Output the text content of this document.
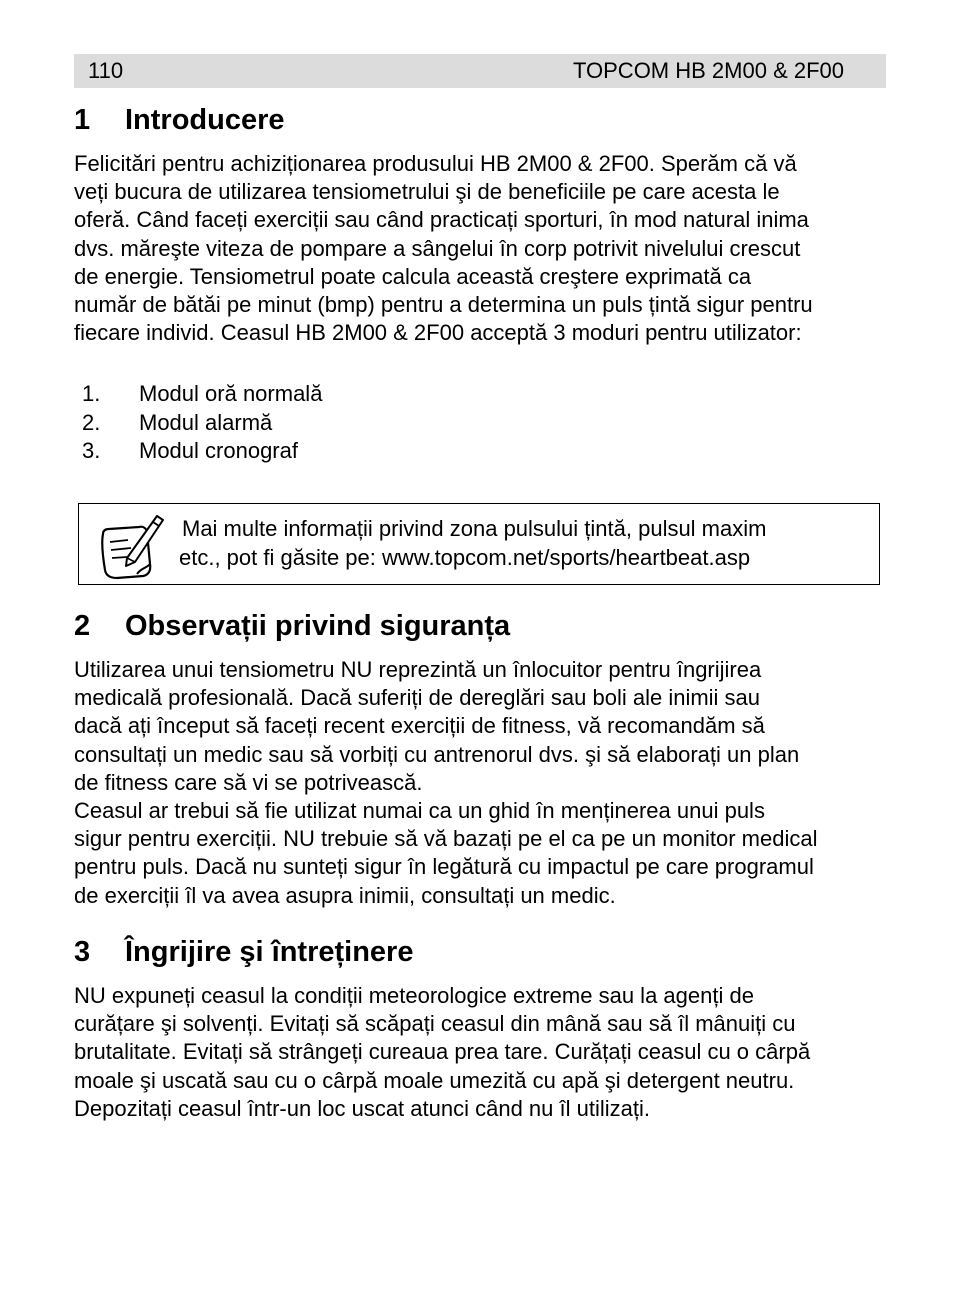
110	TOPCOM HB 2M00 & 2F00
1 Introducere

Felicitări pentru achiziționarea produsului HB 2M00 & 2F00. Sperăm că vă
veți bucura de utilizarea tensiometrului şi de beneficiile pe care acesta le
oferă. Când faceți exerciții sau când practicați sporturi, în mod natural inima
dvs. măreşte viteza de pompare a sângelui în corp potrivit nivelului crescut
de energie. Tensiometrul poate calcula această creştere exprimată ca
număr de bătăi pe minut (bmp) pentru a determina un puls țintă sigur pentru
fiecare individ. Ceasul HB 2M00 & 2F00 acceptă 3 moduri pentru utilizator:

1. Modul oră normală
2. Modul alarmă
3. Modul cronograf
Mai multe informații privind zona pulsului țintă, pulsul maxim
etc., pot fi găsite pe: www.topcom.net/sports/heartbeat.asp
2 Observații privind siguranța

Utilizarea unui tensiometru NU reprezintă un înlocuitor pentru îngrijirea
medicală profesională. Dacă suferiți de dereglări sau boli ale inimii sau
dacă ați început să faceți recent exerciții de fitness, vă recomandăm să
consultați un medic sau să vorbiți cu antrenorul dvs. şi să elaborați un plan
de fitness care să vi se potrivească.
Ceasul ar trebui să fie utilizat numai ca un ghid în menținerea unui puls
sigur pentru exerciții. NU trebuie să vă bazați pe el ca pe un monitor medical
pentru puls. Dacă nu sunteți sigur în legătură cu impactul pe care programul
de exerciții îl va avea asupra inimii, consultați un medic.

3 Îngrijire şi întreținere

NU expuneți ceasul la condiții meteorologice extreme sau la agenți de
curățare şi solvenți. Evitați să scăpați ceasul din mână sau să îl mânuiți cu
brutalitate. Evitați să strângeți cureaua prea tare. Curățați ceasul cu o cârpă
moale şi uscată sau cu o cârpă moale umezită cu apă şi detergent neutru.
Depozitați ceasul într-un loc uscat atunci când nu îl utilizați.
